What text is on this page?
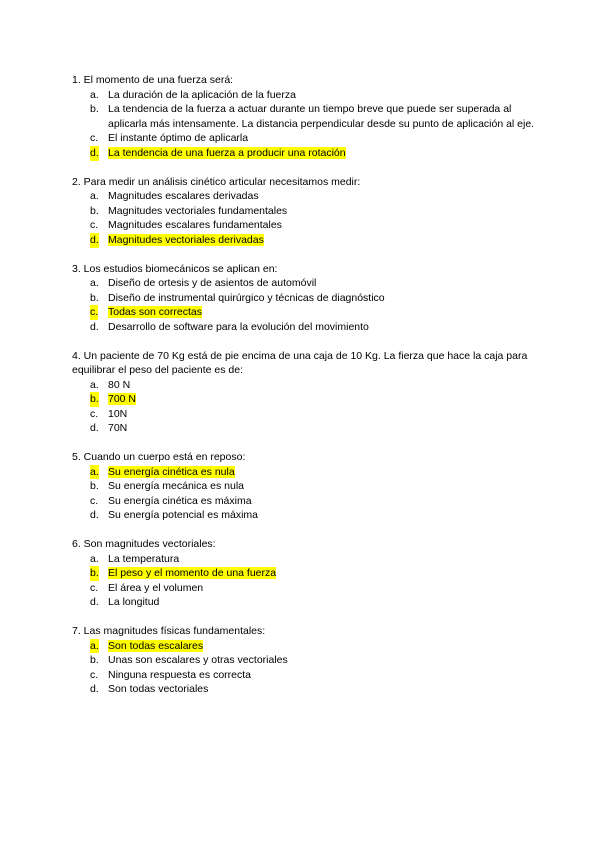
1. El momento de una fuerza será:

a. La duración de la aplicación de la fuerza
b. La tendencia de la fuerza a actuar durante un tiempo breve que puede ser superada al aplicarla más intensamente. La distancia perpendicular desde su punto de aplicación al eje.
c. El instante óptimo de aplicarla
d. La tendencia de una fuerza a producir una rotación

2. Para medir un análisis cinético articular necesitamos medir:

a. Magnitudes escalares derivadas
b. Magnitudes vectoriales fundamentales
c. Magnitudes escalares fundamentales
d. Magnitudes vectoriales derivadas

3. Los estudios biomecánicos se aplican en:

a. Diseño de ortesis y de asientos de automóvil
b. Diseño de instrumental quirúrgico y técnicas de diagnóstico
c. Todas son correctas
d. Desarrollo de software para la evolución del movimiento

4. Un paciente de 70 Kg está de pie encima de una caja de 10 Kg. La fierza que hace la caja para equilibrar el peso del paciente es de:

a. 80 N
b. 700 N
c. 10N
d. 70N

5. Cuando un cuerpo está en reposo:

a. Su energía cinética es nula
b. Su energía mecánica es nula
c. Su energía cinética es máxima
d. Su energía potencial es máxima

6. Son magnitudes vectoriales:

a. La temperatura
b. El peso y el momento de una fuerza
c. El área y el volumen
d. La longitud

7. Las magnitudes físicas fundamentales:

a. Son todas escalares
b. Unas son escalares y otras vectoriales
c. Ninguna respuesta es correcta
d. Son todas vectoriales
